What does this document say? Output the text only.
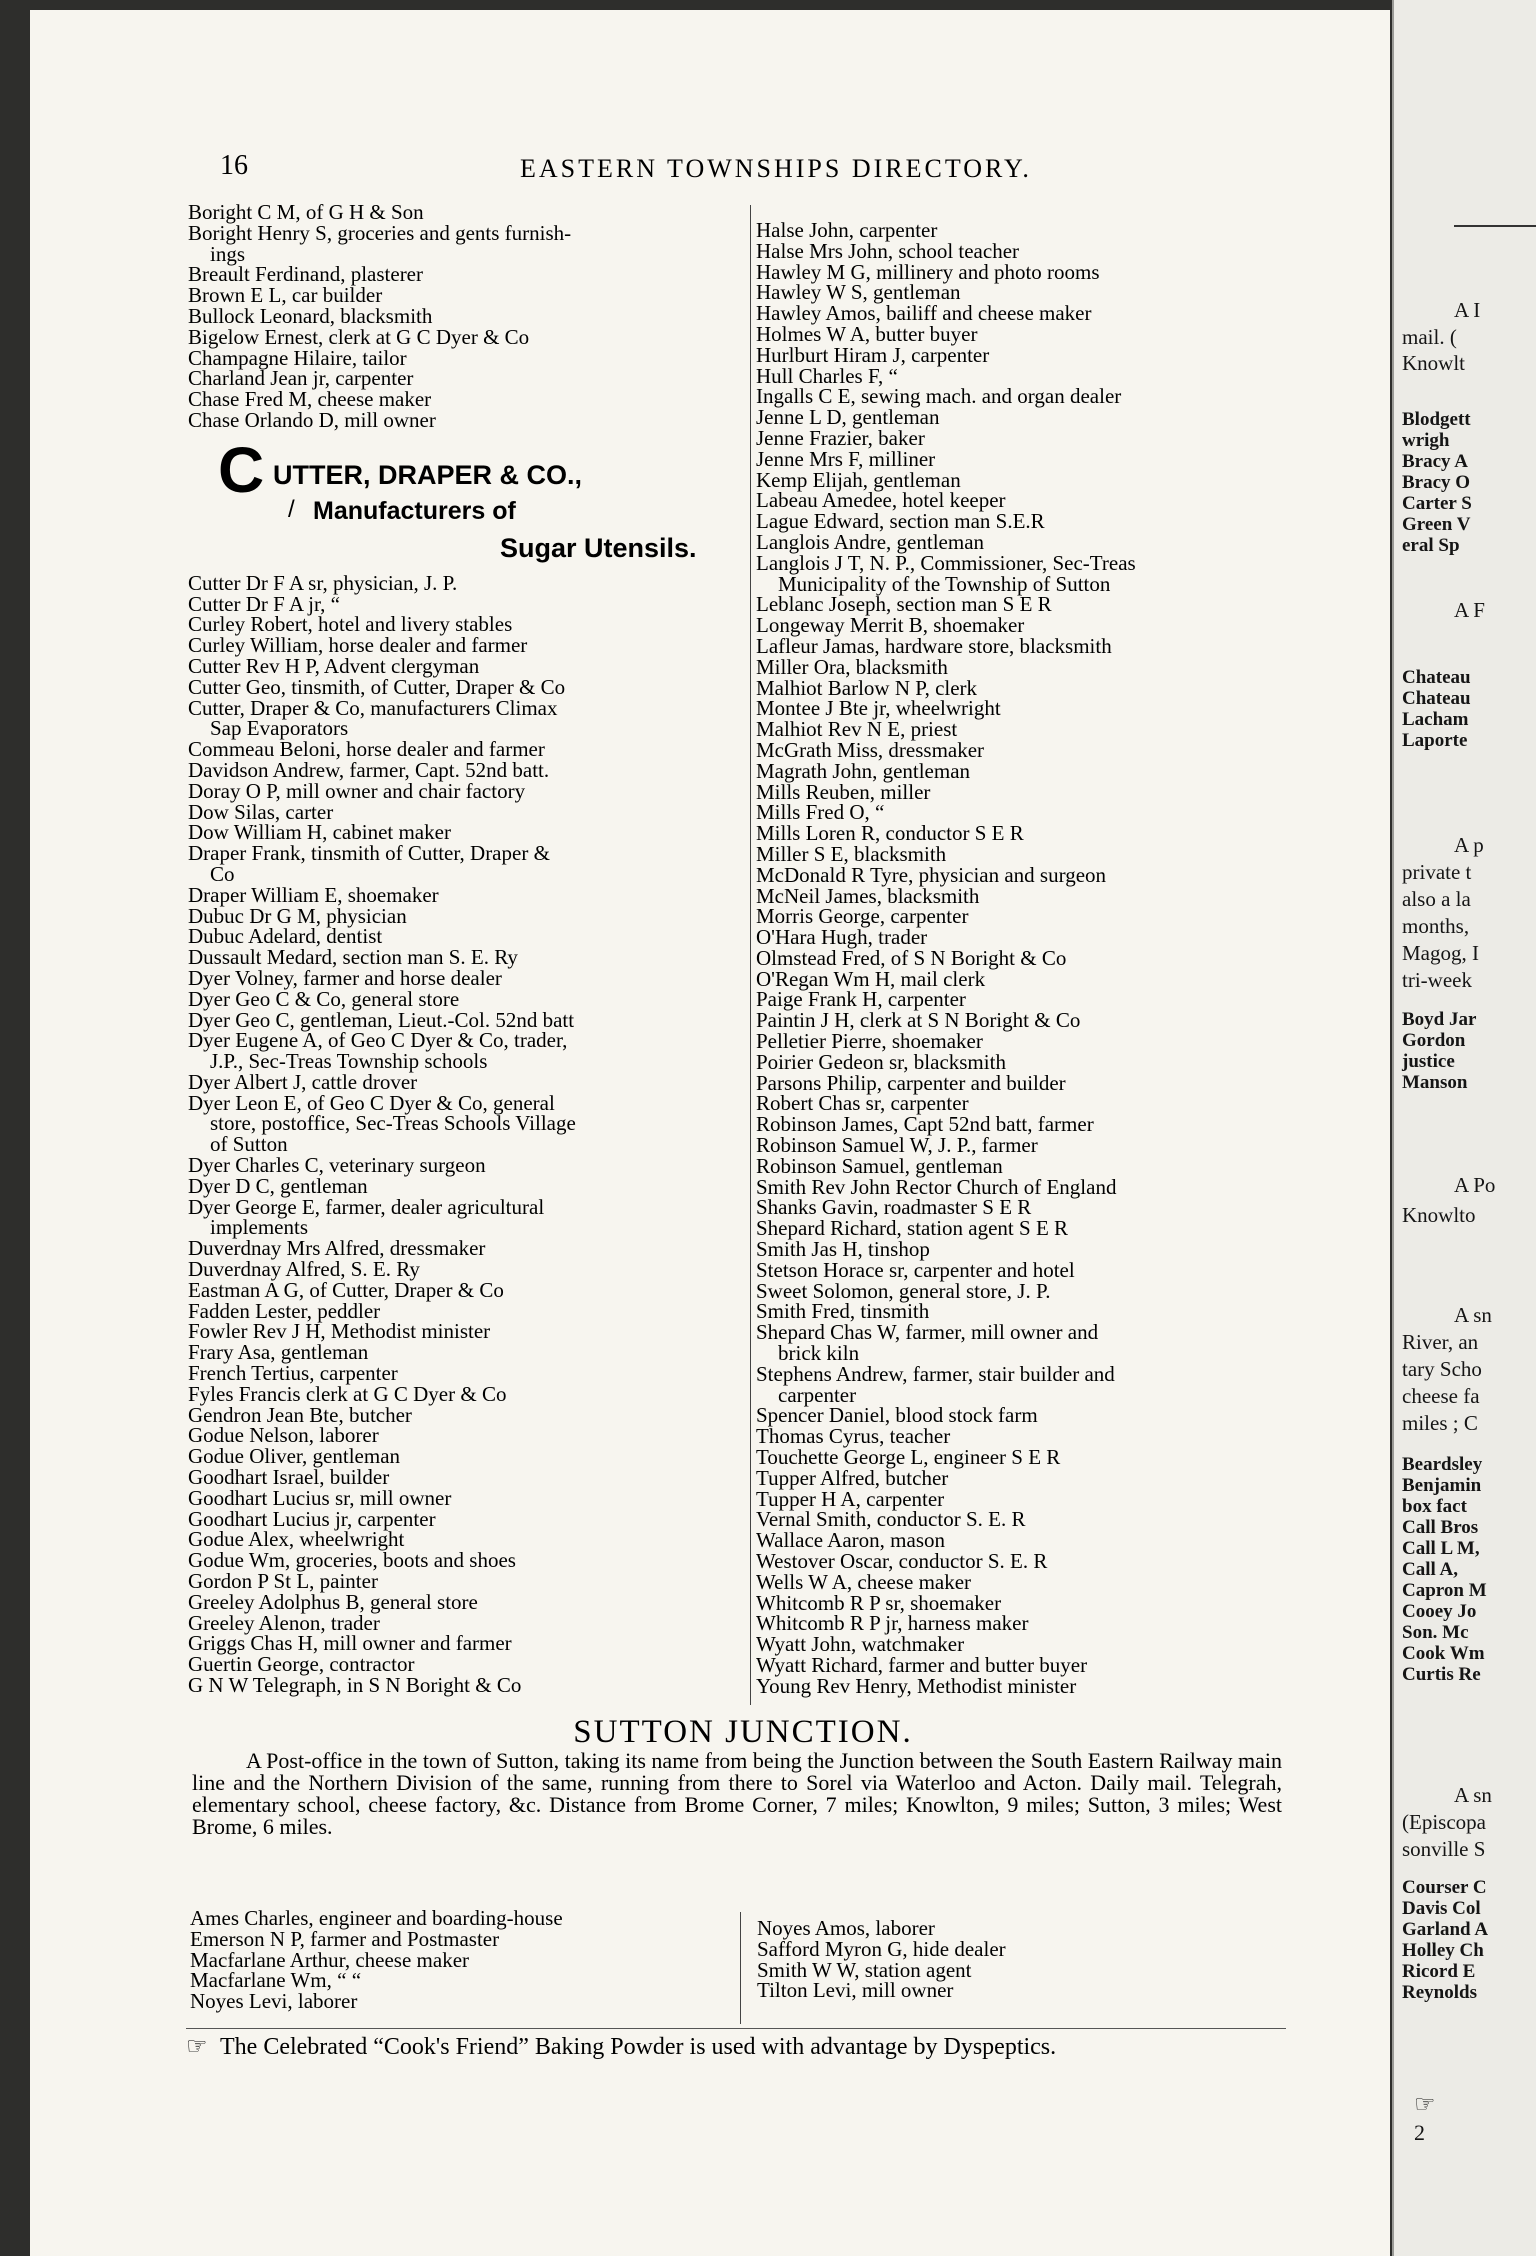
16	EASTERN TOWNSHIPS DIRECTORY.
Boright C M, of G H & Son
Boright Henry S, groceries and gents furnish-
ings
Breault Ferdinand, plasterer
Brown E L, car builder
Bullock Leonard, blacksmith
Bigelow Ernest, clerk at G C Dyer & Co
Champagne Hilaire, tailor
Charland Jean jr, carpenter
Chase Fred M, cheese maker
Chase Orlando D, mill owner
Cutter Dr F A sr, physician, J. P.
Cutter Dr F A jr, “
Curley Robert, hotel and livery stables
Curley William, horse dealer and farmer
Cutter Rev H P, Advent clergyman
Cutter Geo, tinsmith, of Cutter, Draper & Co
Cutter, Draper & Co, manufacturers Climax
Sap Evaporators
Commeau Beloni, horse dealer and farmer
Davidson Andrew, farmer, Capt. 52nd batt.
Doray O P, mill owner and chair factory
Dow Silas, carter
Dow William H, cabinet maker
Draper Frank, tinsmith of Cutter, Draper &
Co
Draper William E, shoemaker
Dubuc Dr G M, physician
Dubuc Adelard, dentist
Dussault Medard, section man S. E. Ry
Dyer Volney, farmer and horse dealer
Dyer Geo C & Co, general store
Dyer Geo C, gentleman, Lieut.-Col. 52nd batt
Dyer Eugene A, of Geo C Dyer & Co, trader,
J.P., Sec-Treas Township schools
Dyer Albert J, cattle drover
Dyer Leon E, of Geo C Dyer & Co, general
store, postoffice, Sec-Treas Schools Village
of Sutton
Dyer Charles C, veterinary surgeon
Dyer D C, gentleman
Dyer George E, farmer, dealer agricultural
implements
Duverdnay Mrs Alfred, dressmaker
Duverdnay Alfred, S. E. Ry
Eastman A G, of Cutter, Draper & Co
Fadden Lester, peddler
Fowler Rev J H, Methodist minister
Frary Asa, gentleman
French Tertius, carpenter
Fyles Francis clerk at G C Dyer & Co
Gendron Jean Bte, butcher
Godue Nelson, laborer
Godue Oliver, gentleman
Goodhart Israel, builder
Goodhart Lucius sr, mill owner
Goodhart Lucius jr, carpenter
Godue Alex, wheelwright
Godue Wm, groceries, boots and shoes
Gordon P St L, painter
Greeley Adolphus B, general store
Greeley Alenon, trader
Griggs Chas H, mill owner and farmer
Guertin George, contractor
G N W Telegraph, in S N Boright & Co
C UTTER, DRAPER & CO.,
/ Manufacturers of
Sugar Utensils.
Halse John, carpenter
Halse Mrs John, school teacher
Hawley M G, millinery and photo rooms
Hawley W S, gentleman
Hawley Amos, bailiff and cheese maker
Holmes W A, butter buyer
Hurlburt Hiram J, carpenter
Hull Charles F, “
Ingalls C E, sewing mach. and organ dealer
Jenne L D, gentleman
Jenne Frazier, baker
Jenne Mrs F, milliner
Kemp Elijah, gentleman
Labeau Amedee, hotel keeper
Lague Edward, section man S.E.R
Langlois Andre, gentleman
Langlois J T, N. P., Commissioner, Sec-Treas
Municipality of the Township of Sutton
Leblanc Joseph, section man S E R
Longeway Merrit B, shoemaker
Lafleur Jamas, hardware store, blacksmith
Miller Ora, blacksmith
Malhiot Barlow N P, clerk
Montee J Bte jr, wheelwright
Malhiot Rev N E, priest
McGrath Miss, dressmaker
Magrath John, gentleman
Mills Reuben, miller
Mills Fred O, “
Mills Loren R, conductor S E R
Miller S E, blacksmith
McDonald R Tyre, physician and surgeon
McNeil James, blacksmith
Morris George, carpenter
O'Hara Hugh, trader
Olmstead Fred, of S N Boright & Co
O'Regan Wm H, mail clerk
Paige Frank H, carpenter
Paintin J H, clerk at S N Boright & Co
Pelletier Pierre, shoemaker
Poirier Gedeon sr, blacksmith
Parsons Philip, carpenter and builder
Robert Chas sr, carpenter
Robinson James, Capt 52nd batt, farmer
Robinson Samuel W, J. P., farmer
Robinson Samuel, gentleman
Smith Rev John Rector Church of England
Shanks Gavin, roadmaster S E R
Shepard Richard, station agent S E R
Smith Jas H, tinshop
Stetson Horace sr, carpenter and hotel
Sweet Solomon, general store, J. P.
Smith Fred, tinsmith
Shepard Chas W, farmer, mill owner and
brick kiln
Stephens Andrew, farmer, stair builder and
carpenter
Spencer Daniel, blood stock farm
Thomas Cyrus, teacher
Touchette George L, engineer S E R
Tupper Alfred, butcher
Tupper H A, carpenter
Vernal Smith, conductor S. E. R
Wallace Aaron, mason
Westover Oscar, conductor S. E. R
Wells W A, cheese maker
Whitcomb R P sr, shoemaker
Whitcomb R P jr, harness maker
Wyatt John, watchmaker
Wyatt Richard, farmer and butter buyer
Young Rev Henry, Methodist minister
SUTTON JUNCTION.
A Post-office in the town of Sutton, taking its name from being the Junction between the South Eastern Railway main line and the Northern Division of the same, running from there to Sorel via Waterloo and Acton. Daily mail. Telegrah, elementary school, cheese factory, &c. Distance from Brome Corner, 7 miles; Knowlton, 9 miles; Sutton, 3 miles; West Brome, 6 miles.
Ames Charles, engineer and boarding-house
Emerson N P, farmer and Postmaster
Macfarlane Arthur, cheese maker
Macfarlane Wm, “ “
Noyes Levi, laborer
Noyes Amos, laborer
Safford Myron G, hide dealer
Smith W W, station agent
Tilton Levi, mill owner
☞ The Celebrated “Cook's Friend” Baking Powder is used with advantage by Dyspeptics.
A I
mail. (
Knowlt
Blodgett
wrigh
Bracy A
Bracy O
Carter S
Green V
eral Sp
A F
Chateau
Chateau
Lacham
Laporte
A p
private t
also a la
months,
Magog, I
tri-week
Boyd Jar
Gordon
justice
Manson
A Po
Knowlto
A sn
River, an
tary Scho
cheese fa
miles ; C
Beardsley
Benjamin
box fact
Call Bros
Call L M,
Call A,
Capron M
Cooey Jo
Son. Mc
Cook Wm
Curtis Re
A sn
(Episcopa
sonville S
Courser C
Davis Col
Garland A
Holley Ch
Ricord E
Reynolds
☞
2
